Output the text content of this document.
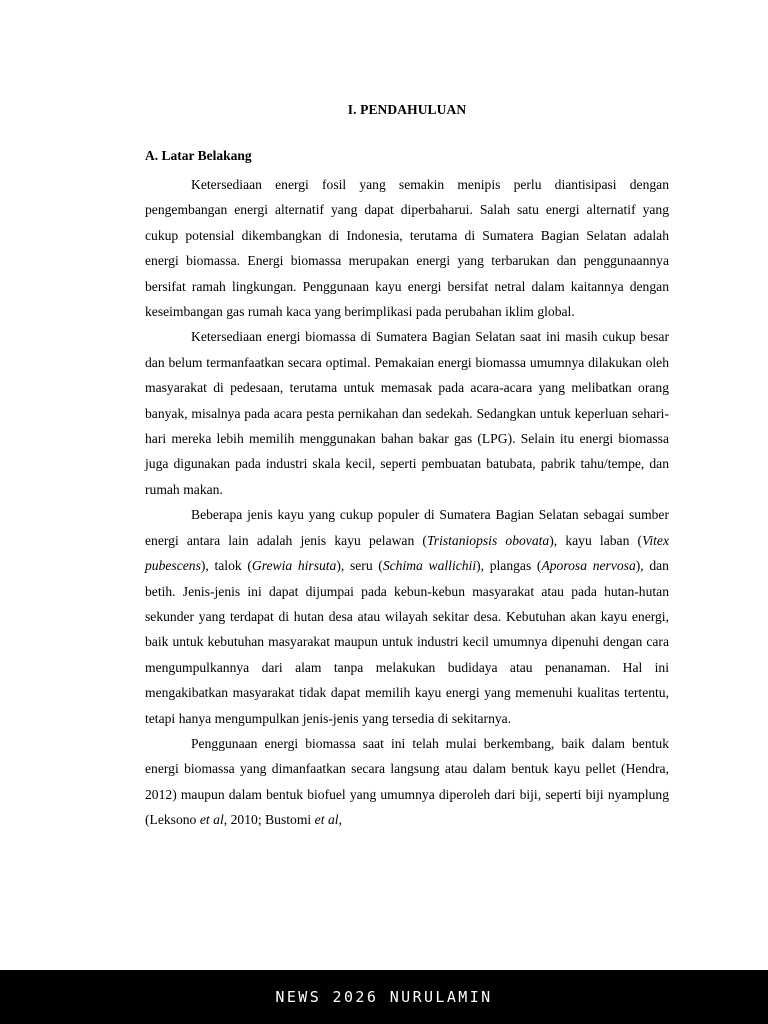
I. PENDAHULUAN
A. Latar Belakang

Ketersediaan energi fosil yang semakin menipis perlu diantisipasi dengan pengembangan energi alternatif yang dapat diperbaharui. Salah satu energi alternatif yang cukup potensial dikembangkan di Indonesia, terutama di Sumatera Bagian Selatan adalah energi biomassa. Energi biomassa merupakan energi yang terbarukan dan penggunaannya bersifat ramah lingkungan. Penggunaan kayu energi bersifat netral dalam kaitannya dengan keseimbangan gas rumah kaca yang berimplikasi pada perubahan iklim global.

Ketersediaan energi biomassa di Sumatera Bagian Selatan saat ini masih cukup besar dan belum termanfaatkan secara optimal. Pemakaian energi biomassa umumnya dilakukan oleh masyarakat di pedesaan, terutama untuk memasak pada acara-acara yang melibatkan orang banyak, misalnya pada acara pesta pernikahan dan sedekah. Sedangkan untuk keperluan sehari-hari mereka lebih memilih menggunakan bahan bakar gas (LPG). Selain itu energi biomassa juga digunakan pada industri skala kecil, seperti pembuatan batubata, pabrik tahu/tempe, dan rumah makan.

Beberapa jenis kayu yang cukup populer di Sumatera Bagian Selatan sebagai sumber energi antara lain adalah jenis kayu pelawan (Tristaniopsis obovata), kayu laban (Vitex pubescens), talok (Grewia hirsuta), seru (Schima wallichii), plangas (Aporosa nervosa), dan betih. Jenis-jenis ini dapat dijumpai pada kebun-kebun masyarakat atau pada hutan-hutan sekunder yang terdapat di hutan desa atau wilayah sekitar desa. Kebutuhan akan kayu energi, baik untuk kebutuhan masyarakat maupun untuk industri kecil umumnya dipenuhi dengan cara mengumpulkannya dari alam tanpa melakukan budidaya atau penanaman. Hal ini mengakibatkan masyarakat tidak dapat memilih kayu energi yang memenuhi kualitas tertentu, tetapi hanya mengumpulkan jenis-jenis yang tersedia di sekitarnya.

Penggunaan energi biomassa saat ini telah mulai berkembang, baik dalam bentuk energi biomassa yang dimanfaatkan secara langsung atau dalam bentuk kayu pellet (Hendra, 2012) maupun dalam bentuk biofuel yang umumnya diperoleh dari biji, seperti biji nyamplung (Leksono et al, 2010; Bustomi et al,

NEWS 2026 NURULAMIN
